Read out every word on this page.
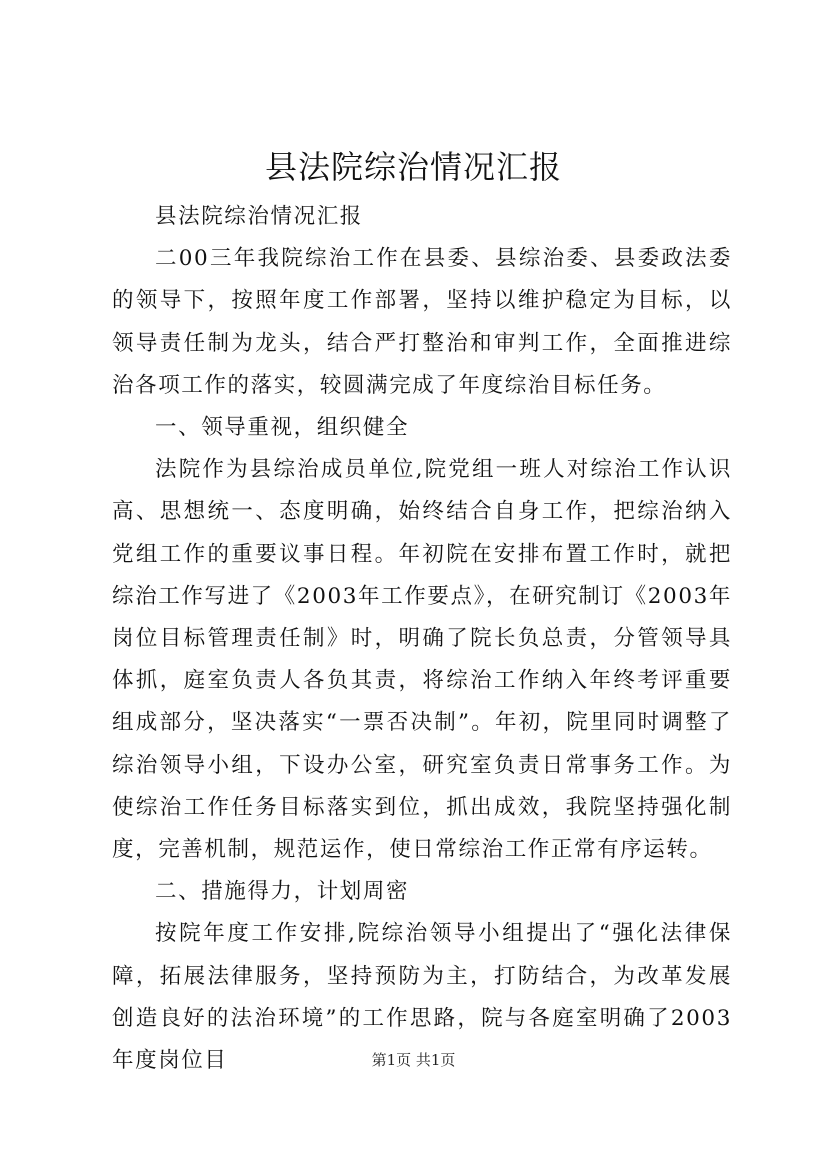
县法院综治情况汇报

县法院综治情况汇报

二00三年我院综治工作在县委、县综治委、县委政法委的领导下，按照年度工作部署，坚持以维护稳定为目标，以领导责任制为龙头，结合严打整治和审判工作，全面推进综治各项工作的落实，较圆满完成了年度综治目标任务。

一、领导重视，组织健全

法院作为县综治成员单位,院党组一班人对综治工作认识高、思想统一、态度明确，始终结合自身工作，把综治纳入党组工作的重要议事日程。年初院在安排布置工作时，就把综治工作写进了《2003年工作要点》，在研究制订《2003年岗位目标管理责任制》时，明确了院长负总责，分管领导具体抓，庭室负责人各负其责，将综治工作纳入年终考评重要组成部分，坚决落实“一票否决制”。年初，院里同时调整了综治领导小组，下设办公室，研究室负责日常事务工作。为使综治工作任务目标落实到位，抓出成效，我院坚持强化制度，完善机制，规范运作，使日常综治工作正常有序运转。

二、措施得力，计划周密

按院年度工作安排,院综治领导小组提出了“强化法律保障，拓展法律服务，坚持预防为主，打防结合，为改革发展创造良好的法治环境”的工作思路，院与各庭室明确了2003年度岗位目	第1页 共1页
